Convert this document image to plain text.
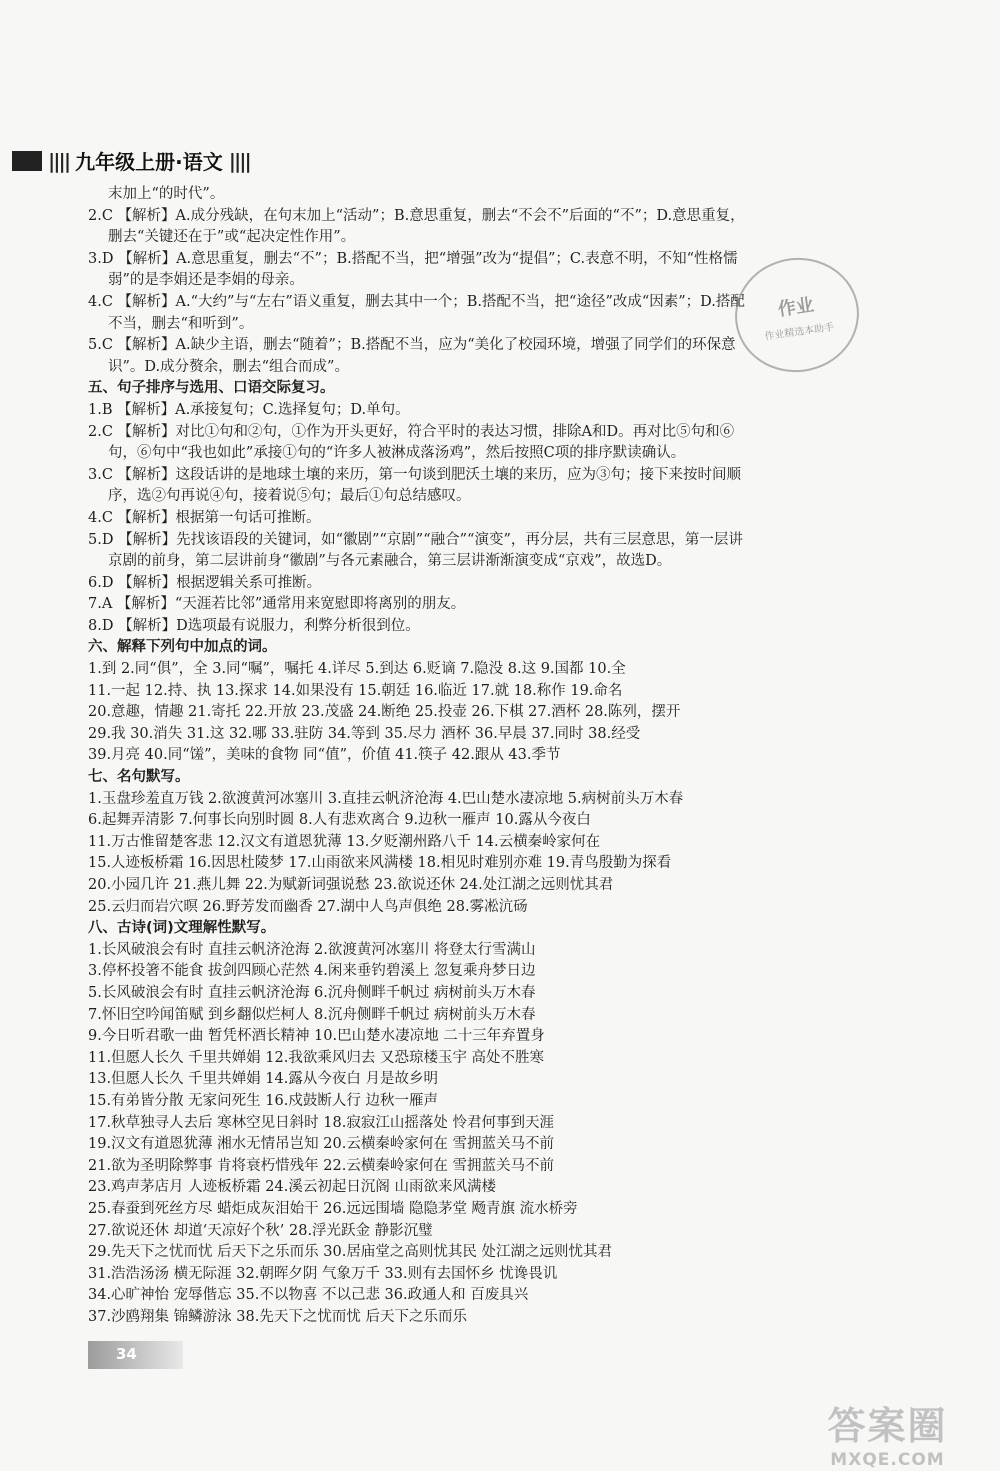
|||| 九年级上册·语文 ||||
末加上“的时代”。
2.C 【解析】A.成分残缺，在句末加上“活动”；B.意思重复，删去“不会不”后面的“不”；D.意思重复，
删去“关键还在于”或“起决定性作用”。
3.D 【解析】A.意思重复，删去“不”；B.搭配不当，把“增强”改为“提倡”；C.表意不明，不知“性格懦
弱”的是李娟还是李娟的母亲。
4.C 【解析】A.“大约”与“左右”语义重复，删去其中一个；B.搭配不当，把“途径”改成“因素”；D.搭配
不当，删去“和听到”。
5.C 【解析】A.缺少主语，删去“随着”；B.搭配不当，应为“美化了校园环境，增强了同学们的环保意
识”。D.成分赘余，删去“组合而成”。
五、句子排序与选用、口语交际复习。
1.B 【解析】A.承接复句；C.选择复句；D.单句。
2.C 【解析】对比①句和②句，①作为开头更好，符合平时的表达习惯，排除A和D。再对比⑤句和⑥
句，⑥句中“我也如此”承接①句的“许多人被淋成落汤鸡”，然后按照C项的排序默读确认。
3.C 【解析】这段话讲的是地球土壤的来历，第一句谈到肥沃土壤的来历，应为③句；接下来按时间顺
序，选②句再说④句，接着说⑤句；最后①句总结感叹。
4.C 【解析】根据第一句话可推断。
5.D 【解析】先找该语段的关键词，如“徽剧”“京剧”“融合”“演变”，再分层，共有三层意思，第一层讲
京剧的前身，第二层讲前身“徽剧”与各元素融合，第三层讲渐渐演变成“京戏”，故选D。
6.D 【解析】根据逻辑关系可推断。
7.A 【解析】“天涯若比邻”通常用来宽慰即将离别的朋友。
8.D 【解析】D选项最有说服力，利弊分析很到位。
六、解释下列句中加点的词。
1.到 2.同“俱”，全 3.同“嘱”，嘱托 4.详尽 5.到达 6.贬谪 7.隐没 8.这 9.国都 10.全
11.一起 12.持、执 13.探求 14.如果没有 15.朝廷 16.临近 17.就 18.称作 19.命名
20.意趣，情趣 21.寄托 22.开放 23.茂盛 24.断绝 25.投壶 26.下棋 27.酒杯 28.陈列，摆开
29.我 30.消失 31.这 32.哪 33.驻防 34.等到 35.尽力 酒杯 36.早晨 37.同时 38.经受
39.月亮 40.同“馐”，美味的食物 同“值”，价值 41.筷子 42.跟从 43.季节
七、名句默写。
1.玉盘珍羞直万钱 2.欲渡黄河冰塞川 3.直挂云帆济沧海 4.巴山楚水凄凉地 5.病树前头万木春
6.起舞弄清影 7.何事长向别时圆 8.人有悲欢离合 9.边秋一雁声 10.露从今夜白
11.万古惟留楚客悲 12.汉文有道恩犹薄 13.夕贬潮州路八千 14.云横秦岭家何在
15.人迹板桥霜 16.因思杜陵梦 17.山雨欲来风满楼 18.相见时难别亦难 19.青鸟殷勤为探看
20.小园几许 21.燕儿舞 22.为赋新词强说愁 23.欲说还休 24.处江湖之远则忧其君
25.云归而岩穴暝 26.野芳发而幽香 27.湖中人鸟声俱绝 28.雾凇沆砀
八、古诗(词)文理解性默写。
1.长风破浪会有时 直挂云帆济沧海 2.欲渡黄河冰塞川 将登太行雪满山
3.停杯投箸不能食 拔剑四顾心茫然 4.闲来垂钓碧溪上 忽复乘舟梦日边
5.长风破浪会有时 直挂云帆济沧海 6.沉舟侧畔千帆过 病树前头万木春
7.怀旧空吟闻笛赋 到乡翻似烂柯人 8.沉舟侧畔千帆过 病树前头万木春
9.今日听君歌一曲 暂凭杯酒长精神 10.巴山楚水凄凉地 二十三年弃置身
11.但愿人长久 千里共婵娟 12.我欲乘风归去 又恐琼楼玉宇 高处不胜寒
13.但愿人长久 千里共婵娟 14.露从今夜白 月是故乡明
15.有弟皆分散 无家问死生 16.戍鼓断人行 边秋一雁声
17.秋草独寻人去后 寒林空见日斜时 18.寂寂江山摇落处 怜君何事到天涯
19.汉文有道恩犹薄 湘水无情吊岂知 20.云横秦岭家何在 雪拥蓝关马不前
21.欲为圣明除弊事 肯将衰朽惜残年 22.云横秦岭家何在 雪拥蓝关马不前
23.鸡声茅店月 人迹板桥霜 24.溪云初起日沉阁 山雨欲来风满楼
25.春蚕到死丝方尽 蜡炬成灰泪始干 26.远远围墙 隐隐茅堂 飏青旗 流水桥旁
27.欲说还休 却道‘天凉好个秋’ 28.浮光跃金 静影沉璧
29.先天下之忧而忧 后天下之乐而乐 30.居庙堂之高则忧其民 处江湖之远则忧其君
31.浩浩汤汤 横无际涯 32.朝晖夕阴 气象万千 33.则有去国怀乡 忧谗畏讥
34.心旷神怡 宠辱偕忘 35.不以物喜 不以己悲 36.政通人和 百废具兴
37.沙鸥翔集 锦鳞游泳 38.先天下之忧而忧 后天下之乐而乐
作业
作业精选本助手
34
答案圈
MXQE.COM
